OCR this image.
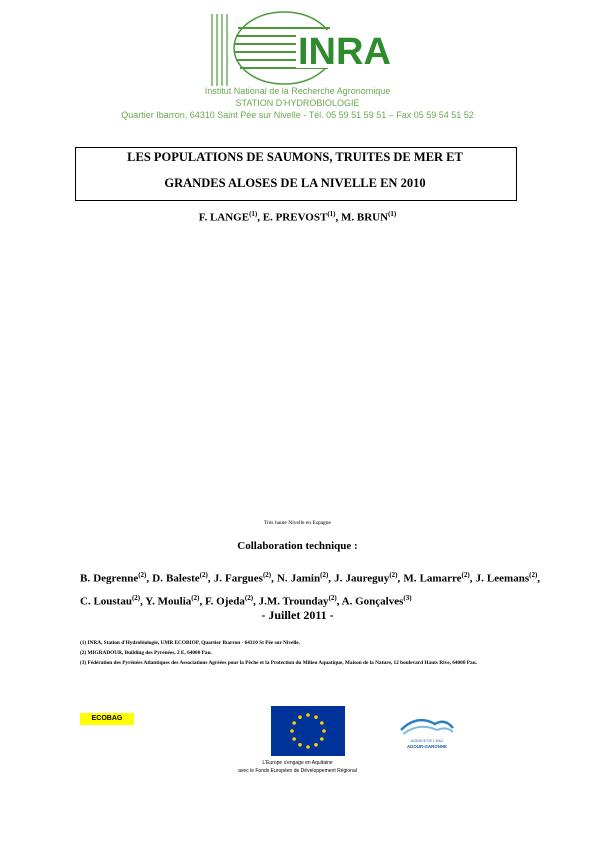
INRA
Institut National de la Recherche Agronomique
STATION D'HYDROBIOLOGIE
Quartier Ibarron, 64310 Saint Pée sur Nivelle - Tél. 05 59 51 59 51 – Fax 05 59 54 51 52
LES POPULATIONS DE SAUMONS, TRUITES DE MER ET
GRANDES ALOSES DE LA NIVELLE EN 2010
F. LANGE$^{(1)}$, E. PREVOST$^{(1)}$, M. BRUN$^{(1)}$
Très haute Nivelle en Espagne
Collaboration technique :
B. Degrenne$^{(2)}$, D. Baleste$^{(2)}$, J. Fargues$^{(2)}$, N. Jamin$^{(2)}$, J. Jaureguy$^{(2)}$, M. Lamarre$^{(2)}$, J. Leemans$^{(2)}$, C. Loustau$^{(2)}$, Y. Moulia$^{(2)}$, F. Ojeda$^{(2)}$, J.M. Trounday$^{(2)}$, A. Gonçalves$^{(3)}$
- Juillet 2011 -
(1) INRA, Station d'Hydrobiologie, UMR ECOBIOP, Quartier Ibarron - 64310 St Pée sur Nivelle.
(2) MIGRADOUR, Building des Pyrénées, 2 E, 64000 Pau.
(3) Fédération des Pyrénées Atlantiques des Associations Agréées pour la Pêche et la Protection du Milieu Aquatique, Maison de la Nature, 12 boulevard Hauts Rive, 64000 Pau.
ECOBAG
AGENCE DE L'EAU
ADOUR-GARONNE
L'Europe s'engage en Aquitaine
avec le Fonds Européen de Développement Régional
